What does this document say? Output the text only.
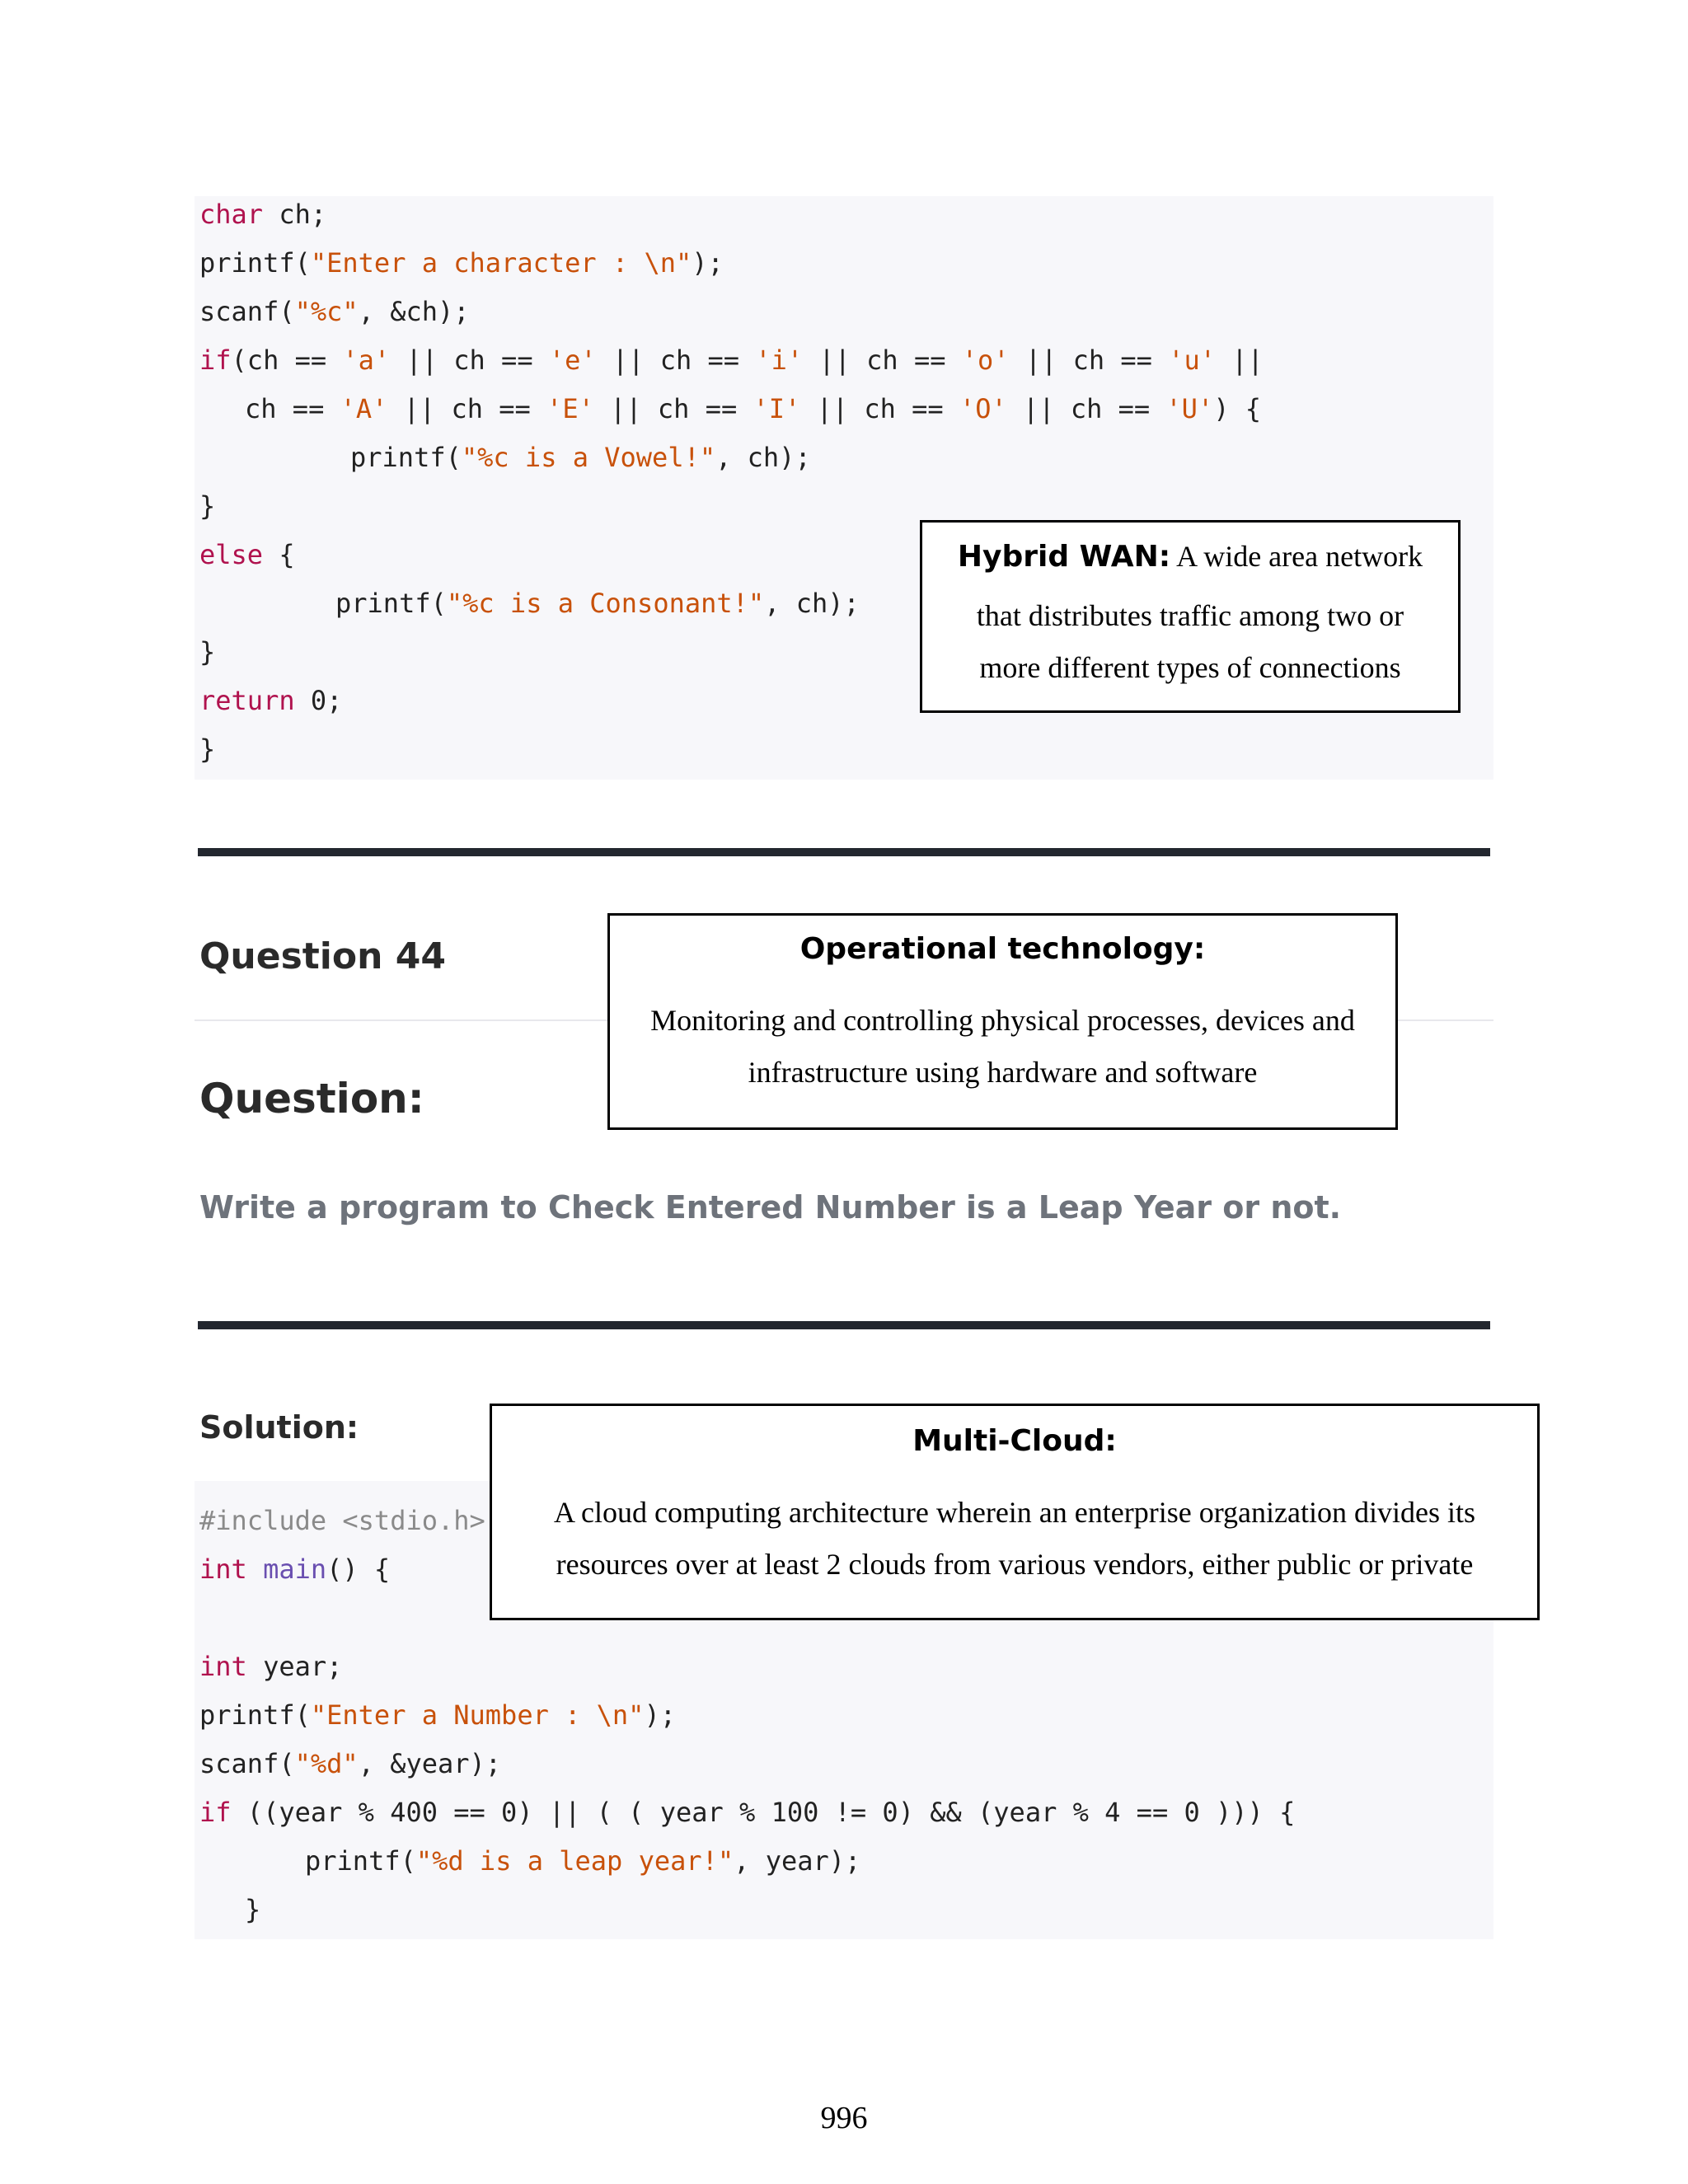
char ch;
printf("Enter a character : \n");
scanf("%c", &ch);
if(ch == 'a' || ch == 'e' || ch == 'i' || ch == 'o' || ch == 'u' ||
ch == 'A' || ch == 'E' || ch == 'I' || ch == 'O' || ch == 'U') {
printf("%c is a Vowel!", ch);
}
else {
printf("%c is a Consonant!", ch);
}
return 0;
}
Hybrid WAN: A wide area network
that distributes traffic among two or
more different types of connections
Question 44
Question:
Operational technology:
Monitoring and controlling physical processes, devices and
infrastructure using hardware and software
Write a program to Check Entered Number is a Leap Year or not.
Solution:
#include <stdio.h>
int main() {
int year;
printf("Enter a Number : \n");
scanf("%d", &year);
if ((year % 400 == 0) || ( ( year % 100 != 0) && (year % 4 == 0 ))) {
printf("%d is a leap year!", year);
}
Multi-Cloud:
A cloud computing architecture wherein an enterprise organization divides its
resources over at least 2 clouds from various vendors, either public or private
996
